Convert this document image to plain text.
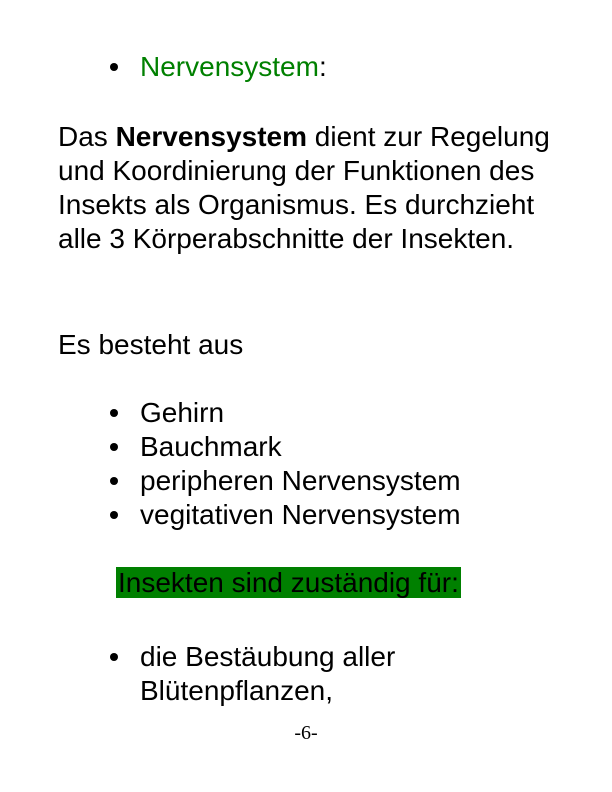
Nervensystem:

Das Nervensystem dient zur Regelung und Koordinierung der Funktionen des Insekts als Organismus. Es durchzieht alle 3 Körperabschnitte der Insekten.

Es besteht aus

Gehirn
Bauchmark
peripheren Nervensystem
vegitativen Nervensystem
Insekten sind zuständig für:
die Bestäubung aller Blütenpflanzen,
-6-
